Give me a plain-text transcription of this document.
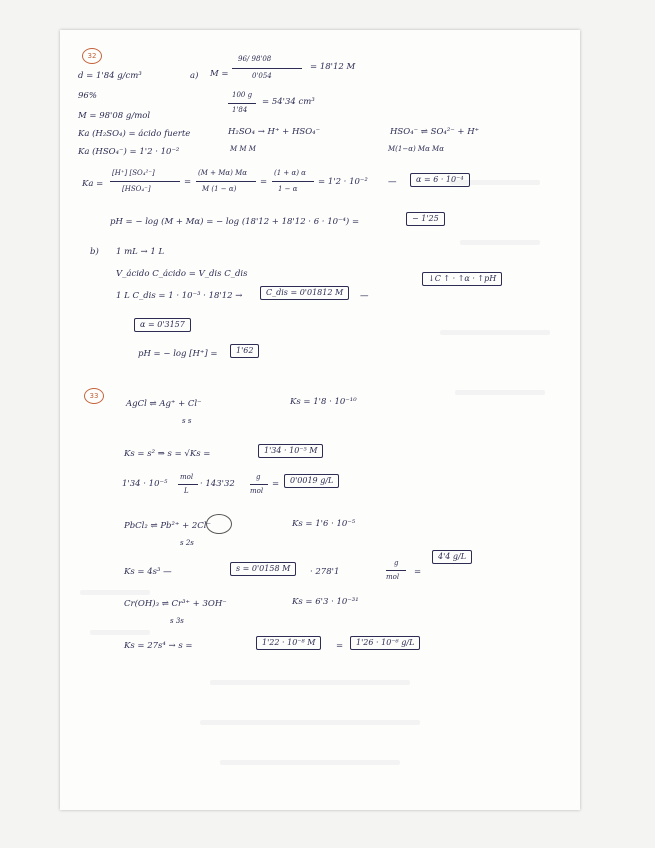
32
d = 1'84 g/cm³
96%
M = 98'08 g/mol
Ka (H₂SO₄) = ácido fuerte
Ka (HSO₄⁻) = 1'2 · 10⁻²
a) M =
96/ 98'08
0'054
= 18'12 M
100 g
1'84
= 54'34 cm³
H₂SO₄ → H⁺ + HSO₄⁻
M M M
HSO₄⁻ ⇌ SO₄²⁻ + H⁺
M(1−α) Mα Mα
Ka =
[H⁺] [SO₄²⁻]
[HSO₄⁻]
=
(M + Mα) Mα
M (1 − α)
=
(1 + α) α
1 − α
= 1'2 · 10⁻² —	α = 6 · 10⁻⁴
pH = − log (M + Mα) = − log (18'12 + 18'12 · 6 · 10⁻⁴) =	− 1'25
b) 1 mL → 1 L
V_ácido C_ácido = V_dis C_dis
1 L C_dis = 1 · 10⁻³ · 18'12 →	C_dis = 0'01812 M	—
↓C ↑ · ↑α · ↑pH
α = 0'3157
pH = − log [H⁺] =	1'62
33
AgCl ⇌ Ag⁺ + Cl⁻	Ks = 1'8 · 10⁻¹⁰
s s
Ks = s² ⇒ s = √Ks =	1'34 · 10⁻⁵ M
1'34 · 10⁻⁵
mol
L
· 143'32
g
mol
=	0'0019 g/L
PbCl₂ ⇌ Pb²⁺ + 2Cl⁻	Ks = 1'6 · 10⁻⁵
s 2s
Ks = 4s³ —	s = 0'0158 M	· 278'1
g
mol =
4'4 g/L
Cr(OH)₃ ⇌ Cr³⁺ + 3OH⁻	Ks = 6'3 · 10⁻³¹
s 3s
Ks = 27s⁴ → s =	1'22 · 10⁻⁸ M	=	1'26 · 10⁻⁶ g/L
